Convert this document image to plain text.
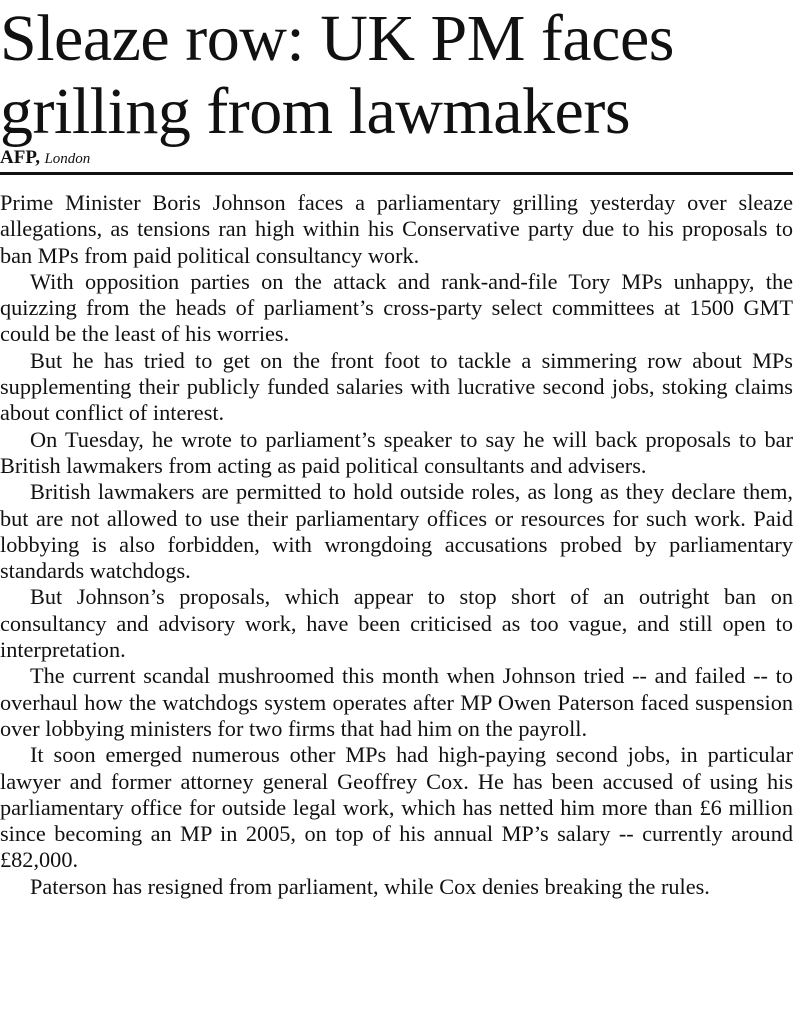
Sleaze row: UK PM faces
grilling from lawmakers
AFP, London

Prime Minister Boris Johnson faces a parliamentary grilling yesterday over sleaze allegations, as tensions ran high within his Conservative party due to his proposals to ban MPs from paid political consultancy work.

With opposition parties on the attack and rank-and-file Tory MPs unhappy, the quizzing from the heads of parliament’s cross-party select committees at 1500 GMT could be the least of his worries.

But he has tried to get on the front foot to tackle a simmering row about MPs supplementing their publicly funded salaries with lucrative second jobs, stoking claims about conflict of interest.

On Tuesday, he wrote to parliament’s speaker to say he will back proposals to bar British lawmakers from acting as paid political consultants and advisers.

British lawmakers are permitted to hold outside roles, as long as they declare them, but are not allowed to use their parliamentary offices or resources for such work. Paid lobbying is also forbidden, with wrongdoing accusations probed by parliamentary standards watchdogs.

But Johnson’s proposals, which appear to stop short of an outright ban on consultancy and advisory work, have been criticised as too vague, and still open to interpretation.

The current scandal mushroomed this month when Johnson tried -- and failed -- to overhaul how the watchdogs system operates after MP Owen Paterson faced suspension over lobbying ministers for two firms that had him on the payroll.

It soon emerged numerous other MPs had high-paying second jobs, in particular lawyer and former attorney general Geoffrey Cox. He has been accused of using his parliamentary office for outside legal work, which has netted him more than £6 million since becoming an MP in 2005, on top of his annual MP’s salary -- currently around £82,000.

Paterson has resigned from parliament, while Cox denies breaking the rules.
